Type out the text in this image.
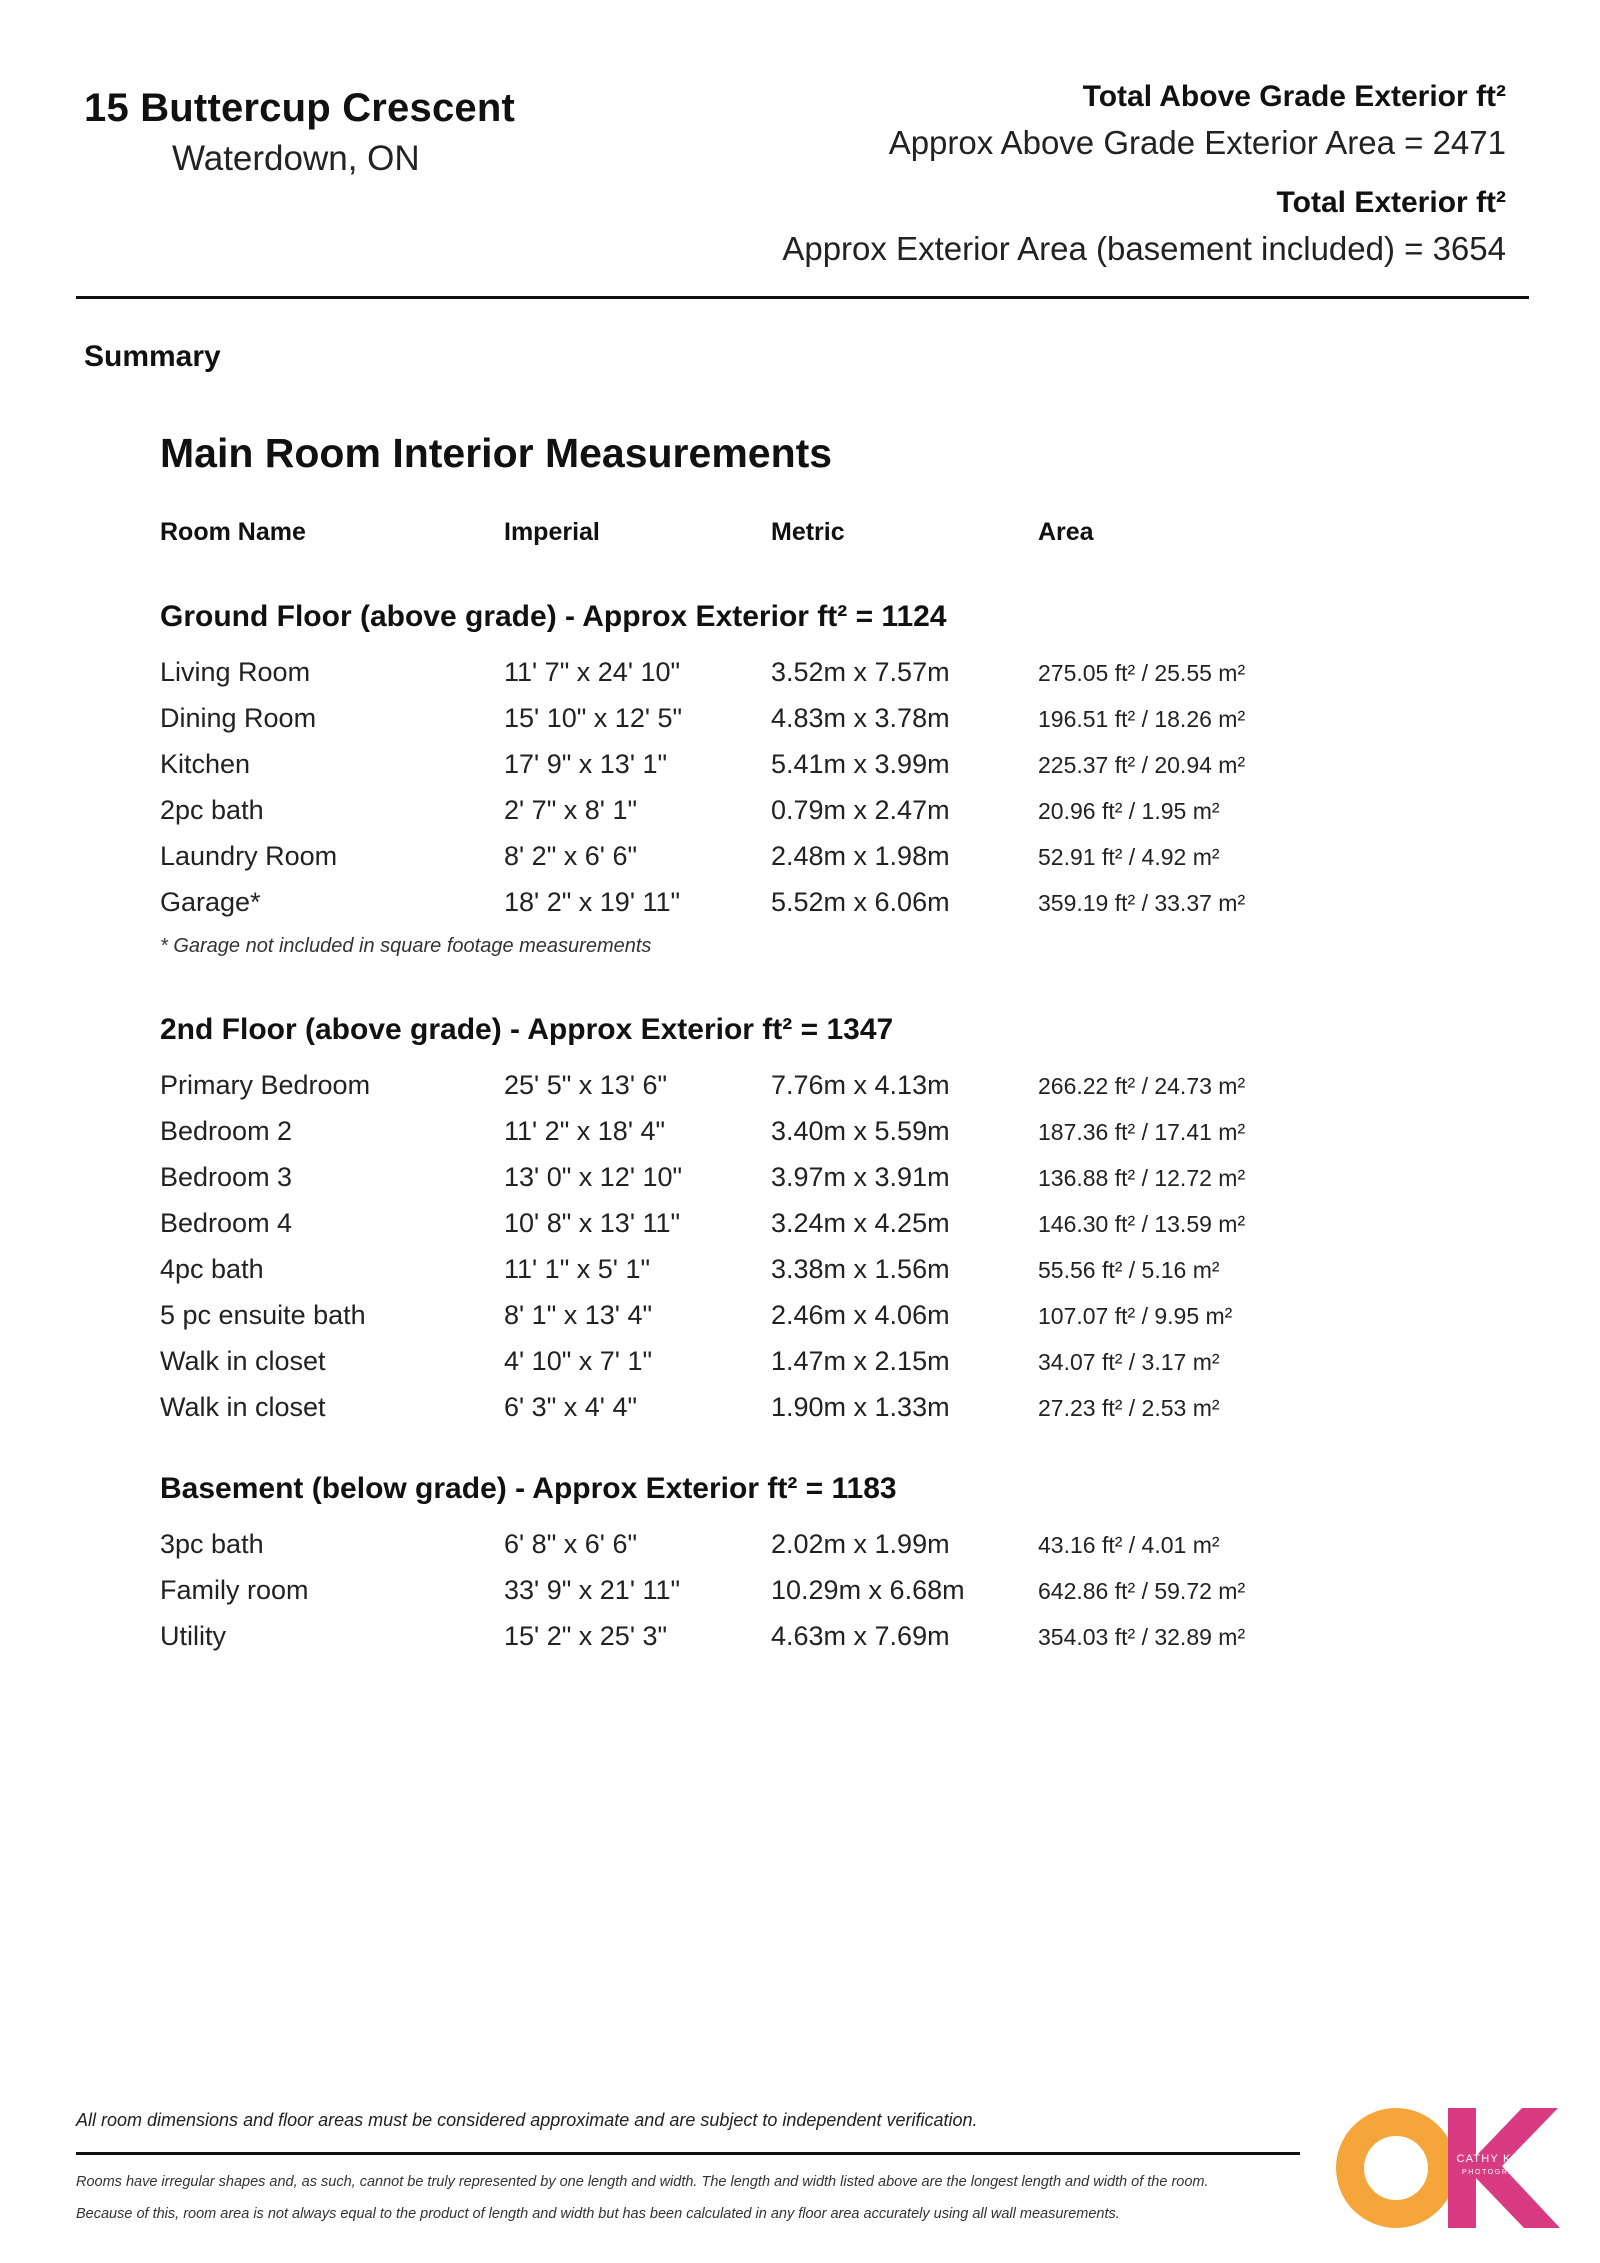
15 Buttercup Crescent
Waterdown, ON
Total Above Grade Exterior ft²
Approx Above Grade Exterior Area = 2471
Total Exterior ft²
Approx Exterior Area (basement included) = 3654
Summary
Main Room Interior Measurements
Room Name	Imperial	Metric	Area
Ground Floor (above grade) - Approx Exterior ft² = 1124
Living Room	11' 7" x 24' 10"	3.52m x 7.57m	275.05 ft² / 25.55 m²
Dining Room	15' 10" x 12' 5"	4.83m x 3.78m	196.51 ft² / 18.26 m²
Kitchen	17' 9" x 13' 1"	5.41m x 3.99m	225.37 ft² / 20.94 m²
2pc bath	2' 7" x 8' 1"	0.79m x 2.47m	20.96 ft² / 1.95 m²
Laundry Room	8' 2" x 6' 6"	2.48m x 1.98m	52.91 ft² / 4.92 m²
Garage*	18' 2" x 19' 11"	5.52m x 6.06m	359.19 ft² / 33.37 m²
* Garage not included in square footage measurements
2nd Floor (above grade) - Approx Exterior ft² = 1347
Primary Bedroom	25' 5" x 13' 6"	7.76m x 4.13m	266.22 ft² / 24.73 m²
Bedroom 2	11' 2" x 18' 4"	3.40m x 5.59m	187.36 ft² / 17.41 m²
Bedroom 3	13' 0" x 12' 10"	3.97m x 3.91m	136.88 ft² / 12.72 m²
Bedroom 4	10' 8" x 13' 11"	3.24m x 4.25m	146.30 ft² / 13.59 m²
4pc bath	11' 1" x 5' 1"	3.38m x 1.56m	55.56 ft² / 5.16 m²
5 pc ensuite bath	8' 1" x 13' 4"	2.46m x 4.06m	107.07 ft² / 9.95 m²
Walk in closet	4' 10" x 7' 1"	1.47m x 2.15m	34.07 ft² / 3.17 m²
Walk in closet	6' 3" x 4' 4"	1.90m x 1.33m	27.23 ft² / 2.53 m²
Basement (below grade) - Approx Exterior ft² = 1183
3pc bath	6' 8" x 6' 6"	2.02m x 1.99m	43.16 ft² / 4.01 m²
Family room	33' 9" x 21' 11"	10.29m x 6.68m	642.86 ft² / 59.72 m²
Utility	15' 2" x 25' 3"	4.63m x 7.69m	354.03 ft² / 32.89 m²
All room dimensions and floor areas must be considered approximate and are subject to independent verification.
Rooms have irregular shapes and, as such, cannot be truly represented by one length and width. The length and width listed above are the longest length and width of the room.
Because of this, room area is not always equal to the product of length and width but has been calculated in any floor area accurately using all wall measurements.
CATHY KOOP
PHOTOGRAPHY
